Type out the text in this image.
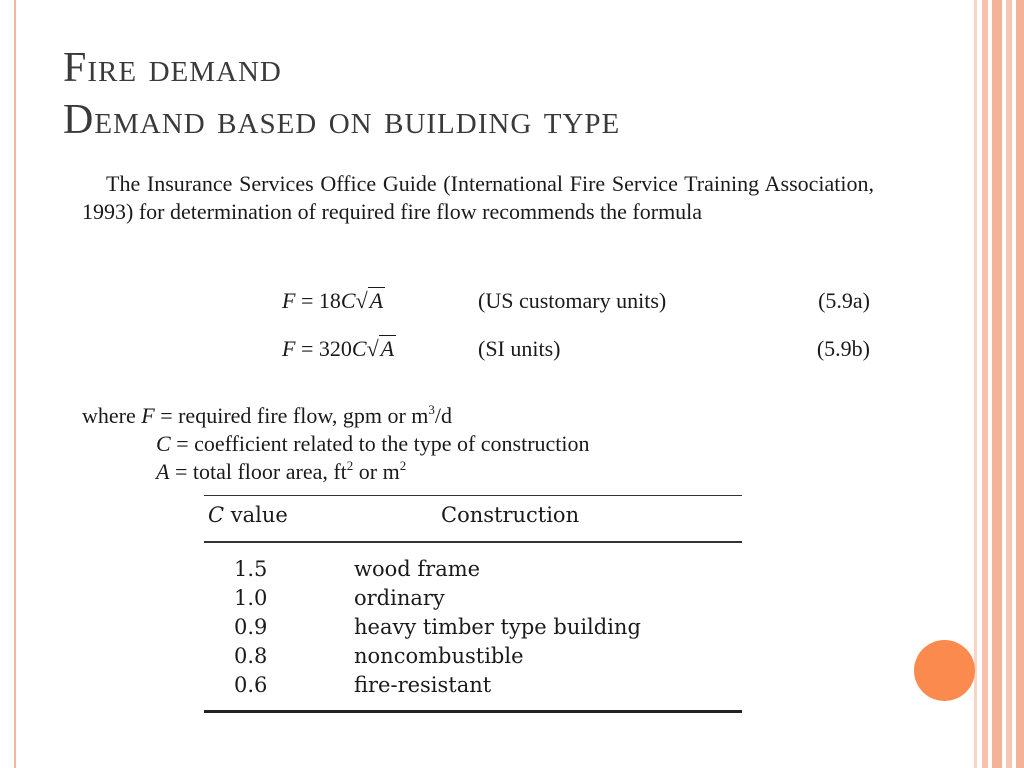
Fire demand
Demand based on building type
The Insurance Services Office Guide (International Fire Service Training Association, 1993) for determination of required fire flow recommends the formula
F = 18C√A	(US customary units)	(5.9a)
F = 320C√A	(SI units)	(5.9b)
where F = required fire flow, gpm or $m^3/d$
C = coefficient related to the type of construction
A = total floor area, $ft^2$ or $m^2$
C value	Construction
1.5	wood frame
1.0	ordinary
0.9	heavy timber type building
0.8	noncombustible
0.6	fire-resistant
